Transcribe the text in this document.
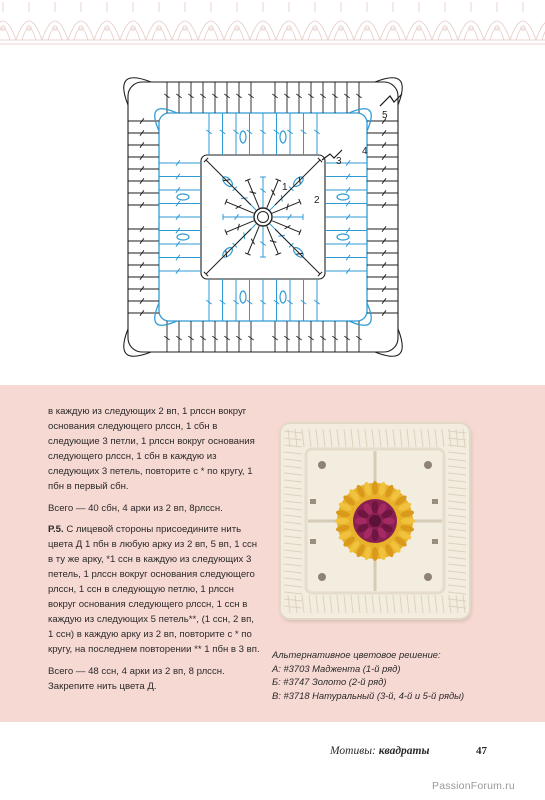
1
2
3
4
5

в каждую из следующих 2 вп, 1 рлссн вокруг основания следующего рлссн, 1 сбн в следующие 3 петли, 1 рлссн вокруг основания следующего рлссн, 1 сбн в каждую из следующих 3 петель, повторите с * по кругу, 1 пбн в первый сбн.

Всего — 40 сбн, 4 арки из 2 вп, 8рлссн.

Р.5. С лицевой стороны присоедините нить цвета Д 1 пбн в любую арку из 2 вп, 5 вп, 1 ссн в ту же арку, *1 ссн в каждую из следующих 3 петель, 1 рлссн вокруг основания следующего рлссн, 1 ссн в следующую петлю, 1 рлссн вокруг основания следующего рлссн, 1 ссн в каждую из следующих 5 петель**, (1 ссн, 2 вп, 1 ссн) в каждую арку из 2 вп, повторите с * по кругу, на последнем повторении ** 1 пбн в 3 вп.

Всего — 48 ссн, 4 арки из 2 вп, 8 рлссн.

Закрепите нить цвета Д.

Альтернативное цветовое решение:
А: #3703 Маджента (1-й ряд)
Б: #3747 Золото (2-й ряд)
В: #3718 Натуральный (3-й, 4-й и 5-й ряды)
Мотивы: квадраты	47
PassionForum.ru
